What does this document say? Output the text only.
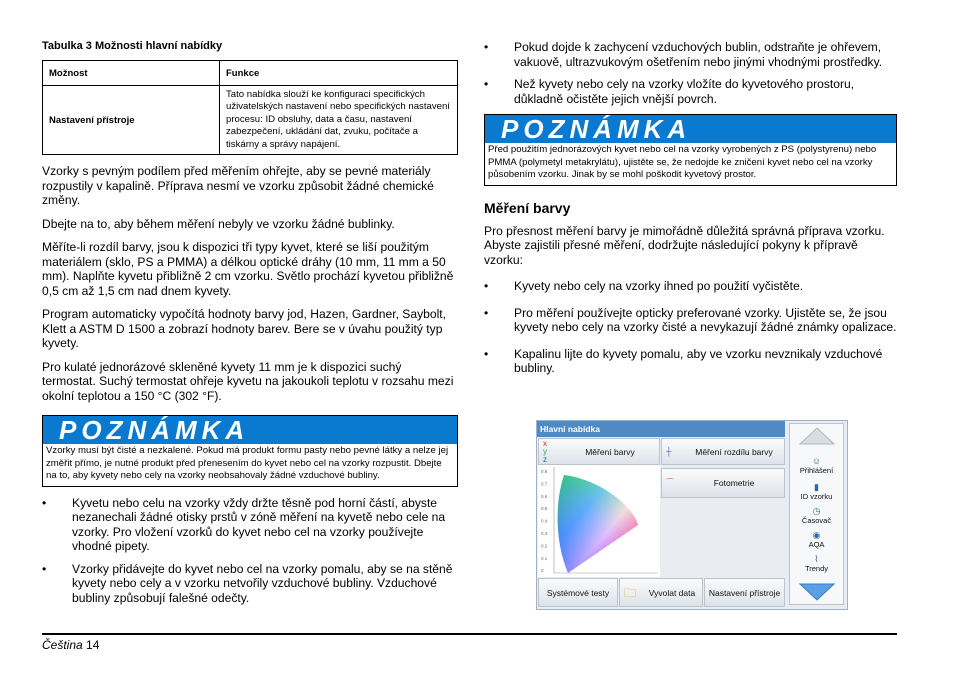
Tabulka 3 Možnosti hlavní nabídky
Možnost	Funkce
Nastavení přístroje	Tato nabídka slouží ke konfiguraci specifických uživatelských nastavení nebo specifických nastavení procesu: ID obsluhy, data a času, nastavení zabezpečení, ukládání dat, zvuku, počítače a tiskárny a správy napájení.

Vzorky s pevným podílem před měřením ohřejte, aby se pevné materiály rozpustily v kapalině. Příprava nesmí ve vzorku způsobit žádné chemické změny.

Dbejte na to, aby během měření nebyly ve vzorku žádné bublinky.

Měříte-li rozdíl barvy, jsou k dispozici tři typy kyvet, které se liší použitým materiálem (sklo, PS a PMMA) a délkou optické dráhy (10 mm, 11 mm a 50 mm). Naplňte kyvetu přibližně 2 cm vzorku. Světlo prochází kyvetou přibližně 0,5 cm až 1,5 cm nad dnem kyvety.

Program automaticky vypočítá hodnoty barvy jod, Hazen, Gardner, Saybolt, Klett a ASTM D 1500 a zobrazí hodnoty barev. Bere se v úvahu použitý typ kyvety.

Pro kulaté jednorázové skleněné kyvety 11 mm je k dispozici suchý termostat. Suchý termostat ohřeje kyvetu na jakoukoli teplotu v rozsahu mezi okolní teplotou a 150 °C (302 °F).

POZNÁMKA
Vzorky musí být čisté a nezkalené. Pokud má produkt formu pasty nebo pevné látky a nelze jej změřit přímo, je nutné produkt před přenesením do kyvet nebo cel na vzorky rozpustit. Dbejte na to, aby kyvety nebo cely na vzorky neobsahovaly žádné vzduchové bubliny.
• Kyvetu nebo celu na vzorky vždy držte těsně pod horní částí, abyste nezanechali žádné otisky prstů v zóně měření na kyvetě nebo cele na vzorky. Pro vložení vzorků do kyvet nebo cel na vzorky používejte vhodné pipety.
• Vzorky přidávejte do kyvet nebo cel na vzorky pomalu, aby se na stěně kyvety nebo cely a v vzorku netvořily vzduchové bubliny. Vzduchové bubliny způsobují falešné odečty.
• Pokud dojde k zachycení vzduchových bublin, odstraňte je ohřevem, vakuově, ultrazvukovým ošetřením nebo jinými vhodnými prostředky.
• Než kyvety nebo cely na vzorky vložíte do kyvetového prostoru, důkladně očistěte jejich vnější povrch.
POZNÁMKA
Před použitím jednorázových kyvet nebo cel na vzorky vyrobených z PS (polystyrenu) nebo PMMA (polymetyl metakrylátu), ujistěte se, že nedojde ke zničení kyvet nebo cel na vzorky působením vzorku. Jinak by se mohl poškodit kyvetový prostor.
Měření barvy

Pro přesnost měření barvy je mimořádně důležitá správná příprava vzorku. Abyste zajistili přesné měření, dodržujte následující pokyny k přípravě vzorku:

• Kyvety nebo cely na vzorky ihned po použití vyčistěte.
• Pro měření používejte opticky preferované vzorky. Ujistěte se, že jsou kyvety nebo cely na vzorky čisté a nevykazují žádné známky opalizace.
• Kapalinu lijte do kyvety pomalu, aby ve vzorku nevznikaly vzduchové bubliny.
Hlavní nabídka
x
y
z
Měření barvy	┼	Měření rozdílu barvy
⌒	Fotometrie
0.8
0.7
0.6
0.5
0.4
0.3
0.2
0.1
0
Systémové testy	🗀	Vyvolat data	Nastavení přístroje
☺
Přihlášení
▮
ID vzorku
◷
Časovač
◉
AQA
⌇
Trendy
Čeština 14
